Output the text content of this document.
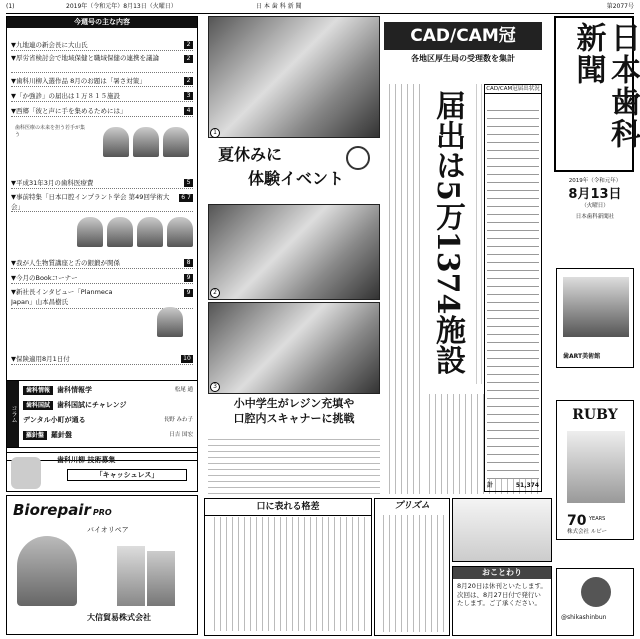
(1)	2019年（令和元年）8月13日（火曜日）	日 本 歯 科 新 聞	第2077号
今週号の主な内容
▼九地連の新会長に大山氏	2
▼厚労省検討会で地域保健と職域保健の連携を議論	2
▼歯科川柳入選作品 8月のお題は「暑さ対策」	2
▼「か強診」の届出は１万８１５施設	3
▼西郷「彼と声に手を集めるためには」	4
歯科医療の未来を担う若手が集う
▼平成31年3月の歯科医療費	5
▼事前特集「日本口腔インプラント学会 第49回学術大会」
6 7
▼我が人生物質講座と舌の銀鍛が関係	8
▼今月のBookコーナー	9
▼新社長インタビュー「Planmeca Japan」山本昌樹氏
9
▼保険適用8月1日付	10
コラム
歯科情報 歯科情報学	松尾 通
歯科国試 歯科国試にチャレンジ
デンタル小町が通る	長野 みわ子
羅針盤 羅針盤	日吉 国宏
歯科川柳 技術募集
「キャッシュレス」
Biorepair PRO
バイオリペア
大信貿易株式会社
1
夏休みに
体験イベント
2
3
小中学生がレジン充填や
口腔内スキャナーに挑戦
CAD/CAM冠
各地区厚生局の受理数を集計
届出は5万1374施設
CAD/CAM冠届出状況
計	51,374
日本歯科新聞
2019年（令和元年）
8月13日
（火曜日）
日本歯科新聞社
歯ART美術館
RUBY
70 YEARS
株式会社 ルビー
口に表れる格差	プリズム
おことわり
8月20日は休刊といたします。
次回は、8月27日付で発行いたします。ご了承ください。
@shikashinbun
